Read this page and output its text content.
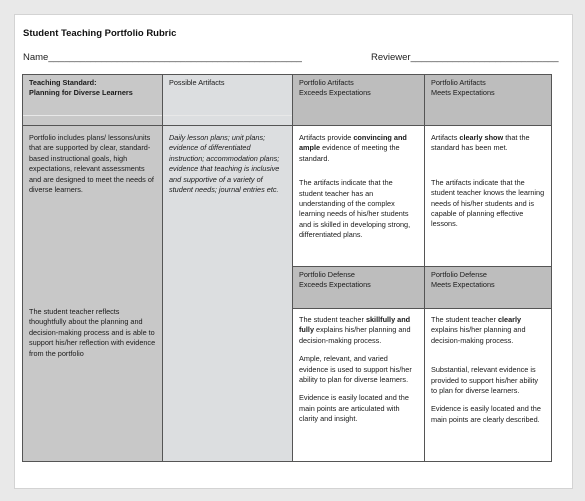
Student Teaching Portfolio Rubric
Name________________________________________________	Reviewer____________________________
Teaching Standard:
Planning for Diverse Learners
Possible Artifacts	Portfolio Artifacts
Exceeds Expectations
Portfolio Artifacts
Meets Expectations
Portfolio includes plans/ lessons/units that are supported by clear, standard-based instructional goals, high expectations, relevant assessments and are designed to meet the needs of diverse learners.
The student teacher reflects thoughtfully about the planning and decision-making process and is able to support his/her reflection with evidence from the portfolio
Daily lesson plans; unit plans; evidence of differentiated instruction; accommodation plans; evidence that teaching is inclusive and supportive of a variety of student needs; journal entries etc.
Artifacts provide convincing and ample evidence of meeting the standard.
The artifacts indicate that the student teacher has an understanding of the complex learning needs of his/her students and is skilled in developing strong, differentiated plans.
Artifacts clearly show that the standard has been met.
The artifacts indicate that the student teacher knows the learning needs of his/her students and is capable of planning effective lessons.
Portfolio Defense
Exceeds Expectations
Portfolio Defense
Meets Expectations
The student teacher skillfully and fully explains his/her planning and decision-making process.
Ample, relevant, and varied evidence is used to support his/her ability to plan for diverse learners.
Evidence is easily located and the main points are articulated with clarity and insight.
The student teacher clearly explains his/her planning and decision-making process.
Substantial, relevant evidence is provided to support his/her ability to plan for diverse learners.
Evidence is easily located and the main points are clearly described.
